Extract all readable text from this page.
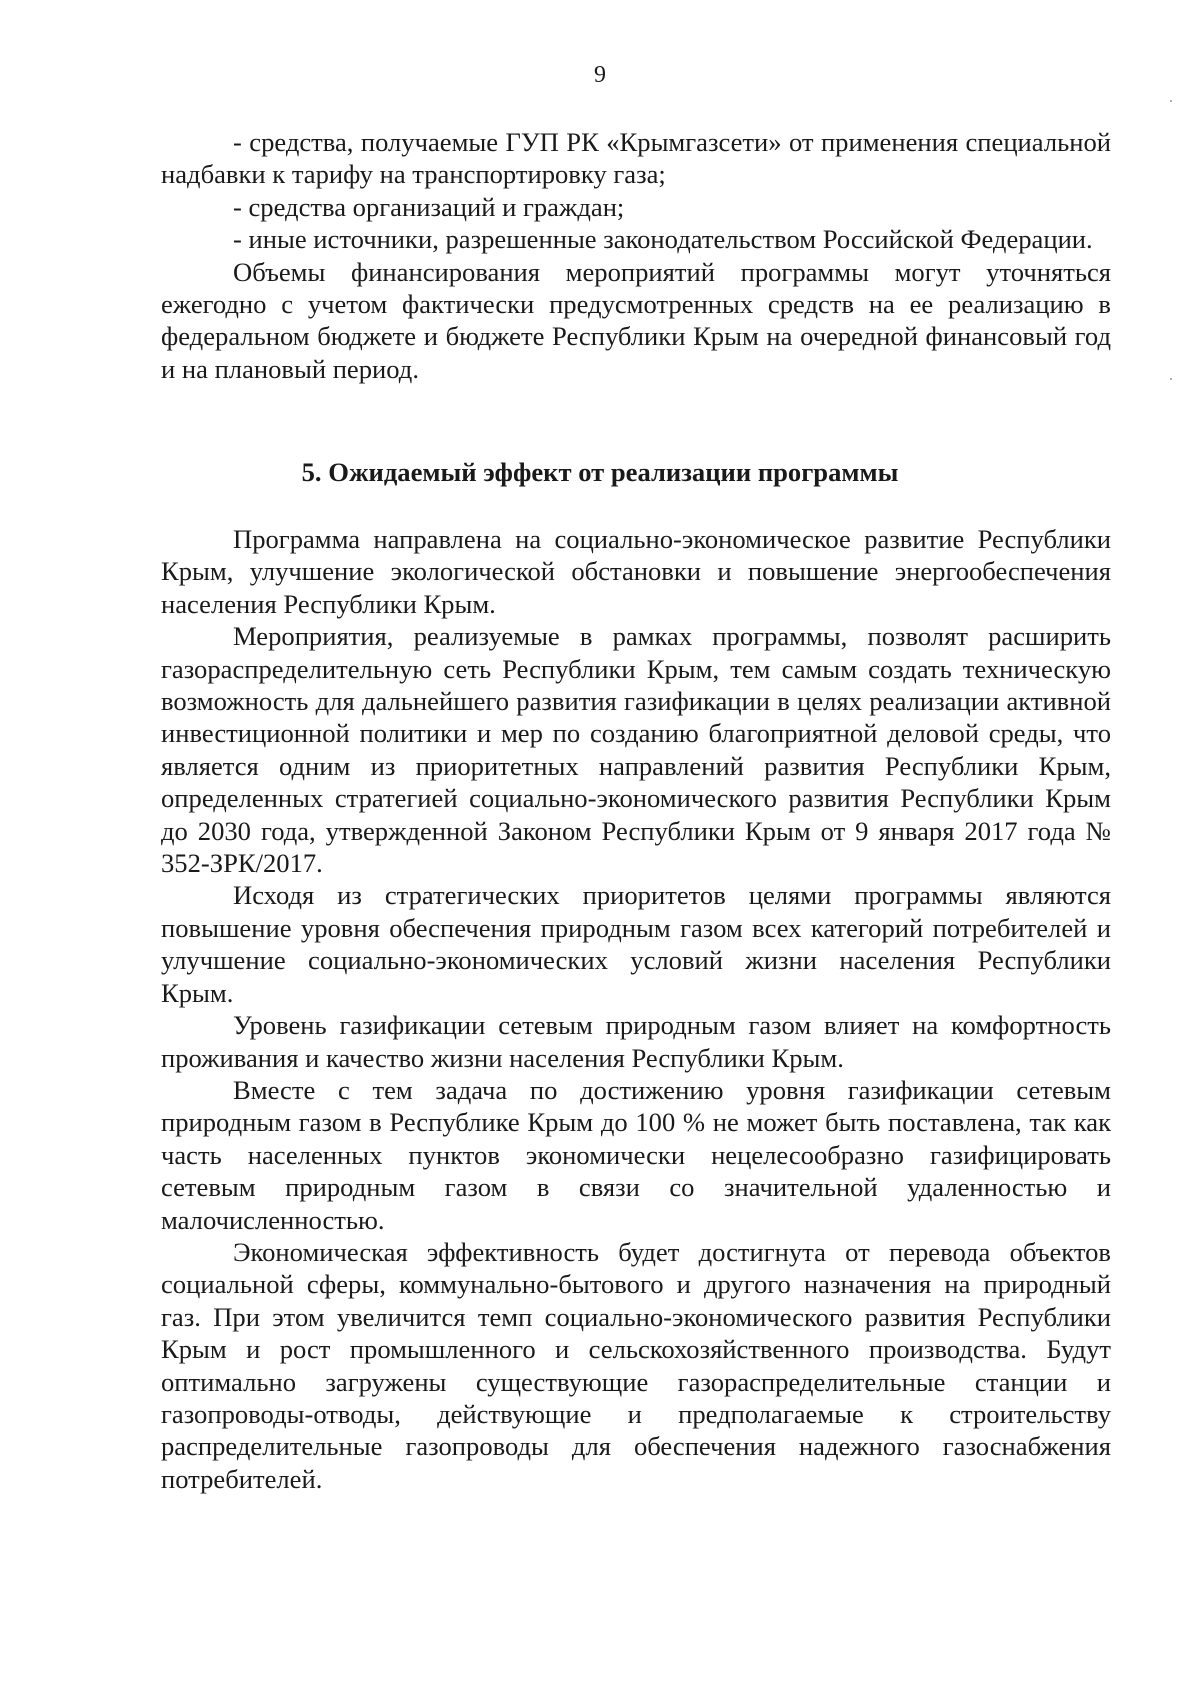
9

- средства, получаемые ГУП РК «Крымгазсети» от применения специальной надбавки к тарифу на транспортировку газа;

- средства организаций и граждан;

- иные источники, разрешенные законодательством Российской Федерации.

Объемы финансирования мероприятий программы могут уточняться ежегодно с учетом фактически предусмотренных средств на ее реализацию в федеральном бюджете и бюджете Республики Крым на очередной финансовый год и на плановый период.

5. Ожидаемый эффект от реализации программы

Программа направлена на социально-экономическое развитие Республики Крым, улучшение экологической обстановки и повышение энергообеспечения населения Республики Крым.

Мероприятия, реализуемые в рамках программы, позволят расширить газораспределительную сеть Республики Крым, тем самым создать техническую возможность для дальнейшего развития газификации в целях реализации активной инвестиционной политики и мер по созданию благоприятной деловой среды, что является одним из приоритетных направлений развития Республики Крым, определенных стратегией социально-экономического развития Республики Крым до 2030 года, утвержденной Законом Республики Крым от 9 января 2017 года № 352-ЗРК/2017.

Исходя из стратегических приоритетов целями программы являются повышение уровня обеспечения природным газом всех категорий потребителей и улучшение социально-экономических условий жизни населения Республики Крым.

Уровень газификации сетевым природным газом влияет на комфортность проживания и качество жизни населения Республики Крым.

Вместе с тем задача по достижению уровня газификации сетевым природным газом в Республике Крым до 100 % не может быть поставлена, так как часть населенных пунктов экономически нецелесообразно газифицировать сетевым природным газом в связи со значительной удаленностью и малочисленностью.

Экономическая эффективность будет достигнута от перевода объектов социальной сферы, коммунально-бытового и другого назначения на природный газ. При этом увеличится темп социально-экономического развития Республики Крым и рост промышленного и сельскохозяйственного производства. Будут оптимально загружены существующие газораспределительные станции и газопроводы-отводы, действующие и предполагаемые к строительству распределительные газопроводы для обеспечения надежного газоснабжения потребителей.
